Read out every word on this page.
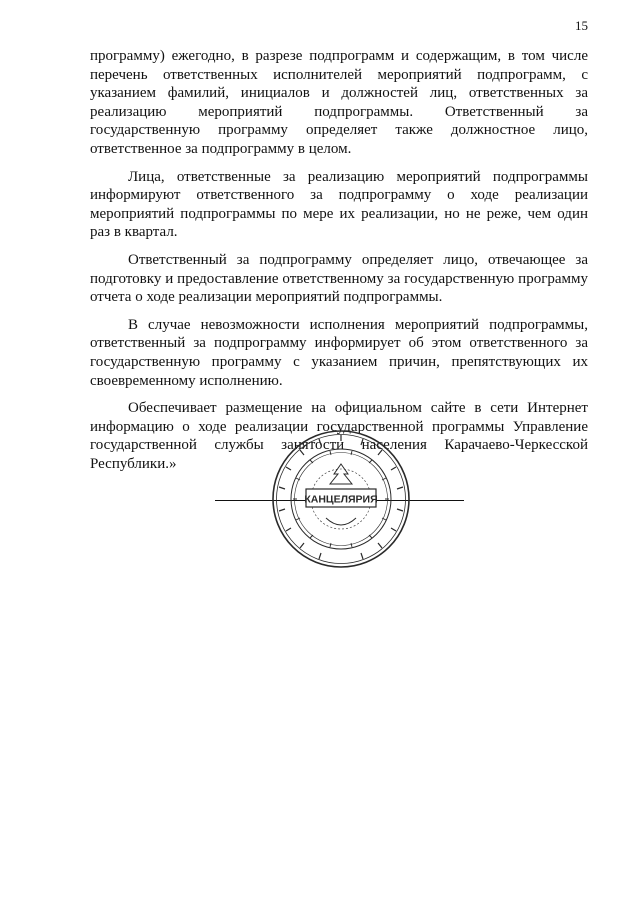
15

программу) ежегодно, в разрезе подпрограмм и содержащим, в том числе перечень ответственных исполнителей мероприятий подпрограмм, с указанием фамилий, инициалов и должностей лиц, ответственных за реализацию мероприятий подпрограммы. Ответственный за государственную программу определяет также должностное лицо, ответственное за подпрограмму в целом.

Лица, ответственные за реализацию мероприятий подпрограммы информируют ответственного за подпрограмму о ходе реализации мероприятий подпрограммы по мере их реализации, но не реже, чем один раз в квартал.

Ответственный за подпрограмму определяет лицо, отвечающее за подготовку и предоставление ответственному за государственную программу отчета о ходе реализации мероприятий подпрограммы.

В случае невозможности исполнения мероприятий подпрограммы, ответственный за подпрограмму информирует об этом ответственного за государственную программу с указанием причин, препятствующих их своевременному исполнению.

Обеспечивает размещение на официальном сайте в сети Интернет информацию о ходе реализации государственной программы Управление государственной службы занятости населения Карачаево-Черкесской Республики.»

КАНЦЕЛЯРИЯ
